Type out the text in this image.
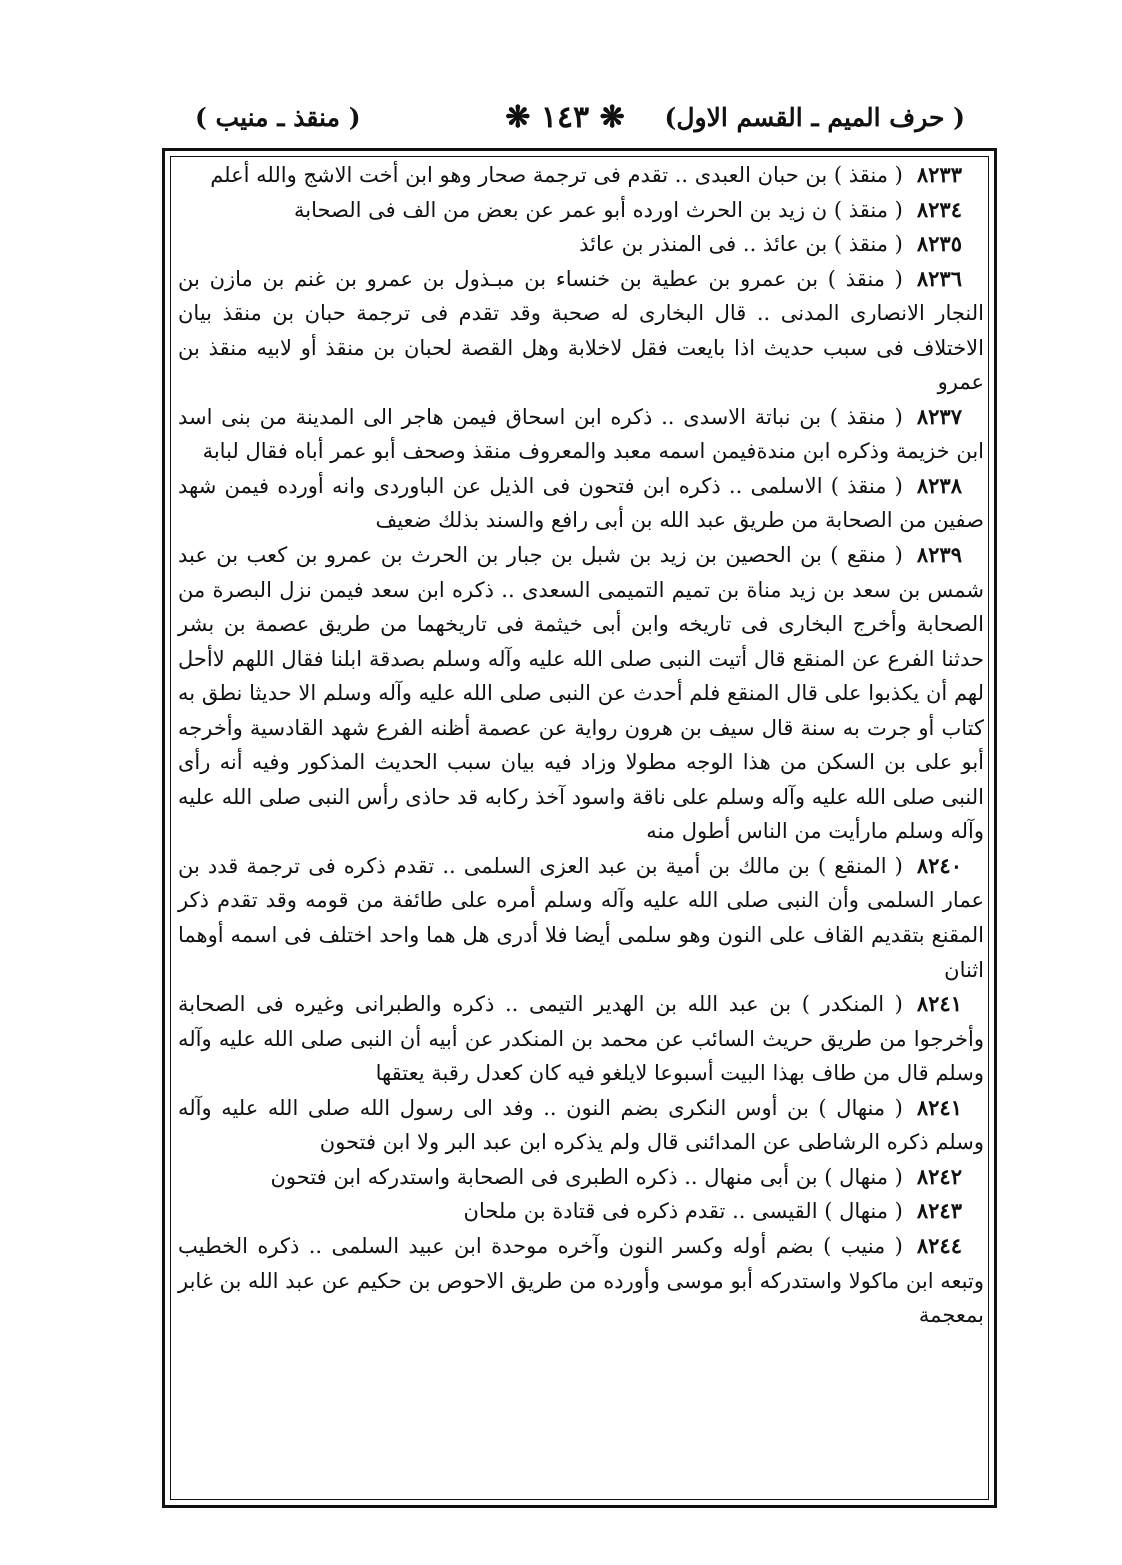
( حرف الميم ـ القسم الاول)
❋ ١٤٣ ❋
( منقذ ـ منيب )

٨٢٣٣( منقذ ) بن حبان العبدى .. تقدم فى ترجمة صحار وهو ابن أخت الاشج والله أعلم

٨٢٣٤( منقذ ) ن زيد بن الحرث اورده أبو عمر عن بعض من الف فى الصحابة

٨٢٣٥( منقذ ) بن عائذ .. فى المنذر بن عائذ

٨٢٣٦( منقذ ) بن عمرو بن عطية بن خنساء بن مبـذول بن عمرو بن غنم بن مازن بن النجار الانصارى المدنى .. قال البخارى له صحبة وقد تقدم فى ترجمة حبان بن منقذ بيان الاختلاف فى سبب حديث اذا بايعت فقل لاخلابة وهل القصة لحبان بن منقذ أو لابيه منقذ بن عمرو

٨٢٣٧( منقذ ) بن نباتة الاسدى .. ذكره ابن اسحاق فيمن هاجر الى المدينة من بنى اسد ابن خزيمة وذكره ابن مندةفيمن اسمه معبد والمعروف منقذ وصحف أبو عمر أباه فقال لبابة

٨٢٣٨( منقذ ) الاسلمى .. ذكره ابن فتحون فى الذيل عن الباوردى وانه أورده فيمن شهد صفين من الصحابة من طريق عبد الله بن أبى رافع والسند بذلك ضعيف

٨٢٣٩( منقع ) بن الحصين بن زيد بن شبل بن جبار بن الحرث بن عمرو بن كعب بن عبد شمس بن سعد بن زيد مناة بن تميم التميمى السعدى .. ذكره ابن سعد فيمن نزل البصرة من الصحابة وأخرج البخارى فى تاريخه وابن أبى خيثمة فى تاريخهما من طريق عصمة بن بشر حدثنا الفرع عن المنقع قال أتيت النبى صلى الله عليه وآله وسلم بصدقة ابلنا فقال اللهم لاأحل لهم أن يكذبوا على قال المنقع فلم أحدث عن النبى صلى الله عليه وآله وسلم الا حديثا نطق به كتاب أو جرت به سنة قال سيف بن هرون رواية عن عصمة أظنه الفرع شهد القادسية وأخرجه أبو على بن السكن من هذا الوجه مطولا وزاد فيه بيان سبب الحديث المذكور وفيه أنه رأى النبى صلى الله عليه وآله وسلم على ناقة واسود آخذ ركابه قد حاذى رأس النبى صلى الله عليه وآله وسلم مارأيت من الناس أطول منه

٨٢٤٠( المنقع ) بن مالك بن أمية بن عبد العزى السلمى .. تقدم ذكره فى ترجمة قدد بن عمار السلمى وأن النبى صلى الله عليه وآله وسلم أمره على طائفة من قومه وقد تقدم ذكر المقنع بتقديم القاف على النون وهو سلمى أيضا فلا أدرى هل هما واحد اختلف فى اسمه أوهما اثنان

٨٢٤١( المنكدر ) بن عبد الله بن الهدير التيمى .. ذكره والطبرانى وغيره فى الصحابة وأخرجوا من طريق حريث السائب عن محمد بن المنكدر عن أبيه أن النبى صلى الله عليه وآله وسلم قال من طاف بهذا البيت أسبوعا لايلغو فيه كان كعدل رقبة يعتقها

٨٢٤١( منهال ) بن أوس النكرى بضم النون .. وفد الى رسول الله صلى الله عليه وآله وسلم ذكره الرشاطى عن المدائنى قال ولم يذكره ابن عبد البر ولا ابن فتحون

٨٢٤٢( منهال ) بن أبى منهال .. ذكره الطبرى فى الصحابة واستدركه ابن فتحون

٨٢٤٣( منهال ) القيسى .. تقدم ذكره فى قتادة بن ملحان

٨٢٤٤( منيب ) بضم أوله وكسر النون وآخره موحدة ابن عبيد السلمى .. ذكره الخطيب وتبعه ابن ماكولا واستدركه أبو موسى وأورده من طريق الاحوص بن حكيم عن عبد الله بن غابر بمعجمة
